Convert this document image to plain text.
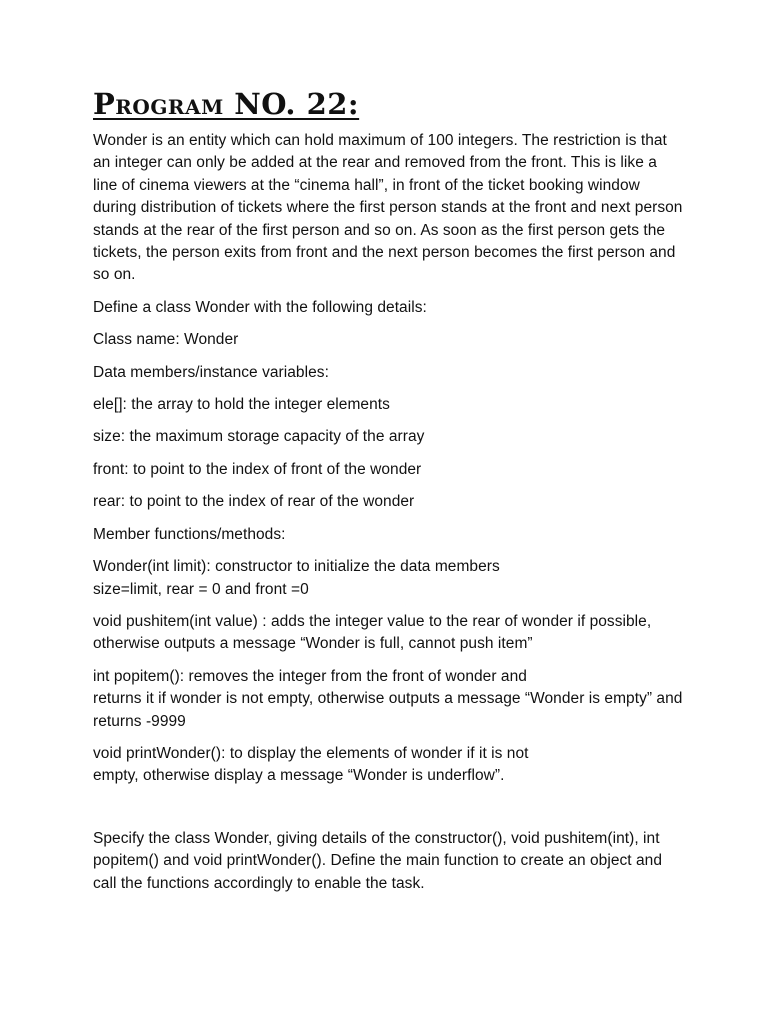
Program NO. 22:

Wonder is an entity which can hold maximum of 100 integers. The restriction is that an integer can only be added at the rear and removed from the front. This is like a line of cinema viewers at the “cinema hall”, in front of the ticket booking window during distribution of tickets where the first person stands at the front and next person stands at the rear of the first person and so on. As soon as the first person gets the tickets, the person exits from front and the next person becomes the first person and so on.

Define a class Wonder with the following details:

Class name: Wonder

Data members/instance variables:

ele[]: the array to hold the integer elements

size: the maximum storage capacity of the array

front: to point to the index of front of the wonder

rear: to point to the index of rear of the wonder

Member functions/methods:

Wonder(int limit): constructor to initialize the data members
size=limit, rear = 0 and front =0

void pushitem(int value) : adds the integer value to the rear of wonder if possible, otherwise outputs a message “Wonder is full, cannot push item”

int popitem(): removes the integer from the front of wonder and
returns it if wonder is not empty, otherwise outputs a message “Wonder is empty” and returns -9999
void printWonder(): to display the elements of wonder if it is not
empty, otherwise display a message “Wonder is underflow”.

Specify the class Wonder, giving details of the constructor(), void pushitem(int), int popitem() and void printWonder(). Define the main function to create an object and call the functions accordingly to enable the task.
